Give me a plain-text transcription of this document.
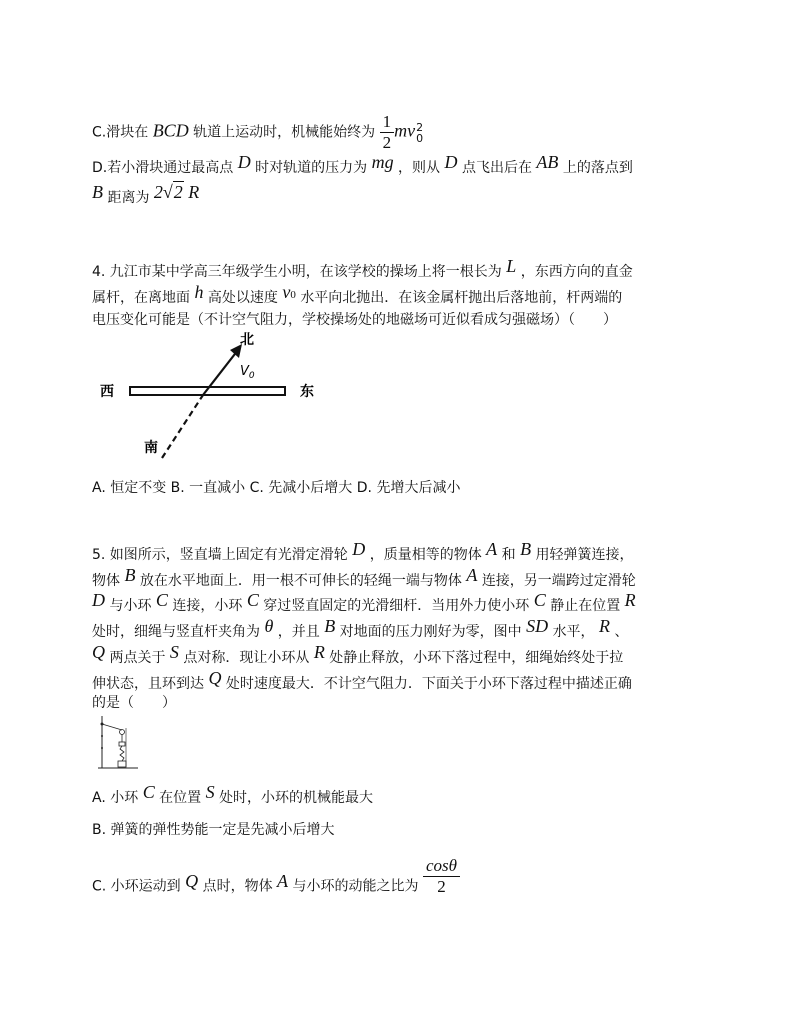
C.滑块在 BCD 轨道上运动时，机械能始终为 $\frac{1}{2}$ mv 2
0
D.若小滑块通过最高点 D 时对轨道的压力为 mg ，则从 D 点飞出后在 AB 上的落点到
B 距离为 2√2 R
4. 九江市某中学高三年级学生小明，在该学校的操场上将一根长为 L ，东西方向的直金
属杆，在离地面 h 高处以速度 v0 水平向北抛出．在该金属杆抛出后落地前，杆两端的
电压变化可能是（不计空气阻力，学校操场处的地磁场可近似看成匀强磁场）（　　）
北
$V_0$
西	东
南
A. 恒定不变 B. 一直减小 C. 先减小后增大 D. 先增大后减小
5. 如图所示，竖直墙上固定有光滑定滑轮 D ，质量相等的物体 A 和 B 用轻弹簧连接，
物体 B 放在水平地面上．用一根不可伸长的轻绳一端与物体 A 连接，另一端跨过定滑轮
D 与小环 C 连接，小环 C 穿过竖直固定的光滑细杆．当用外力使小环 C 静止在位置 R
处时，细绳与竖直杆夹角为 θ ，并且 B 对地面的压力刚好为零，图中 SD 水平， R 、
Q 两点关于 S 点对称．现让小环从 R 处静止释放，小环下落过程中，细绳始终处于拉
伸状态，且环到达 Q 处时速度最大．不计空气阻力．下面关于小环下落过程中描述正确
的是（　　）
A. 小环 C 在位置 S 处时，小环的机械能最大
B. 弹簧的弹性势能一定是先减小后增大
C. 小环运动到 Q 点时，物体 A 与小环的动能之比为 $\frac{\cos\theta}{2}$
